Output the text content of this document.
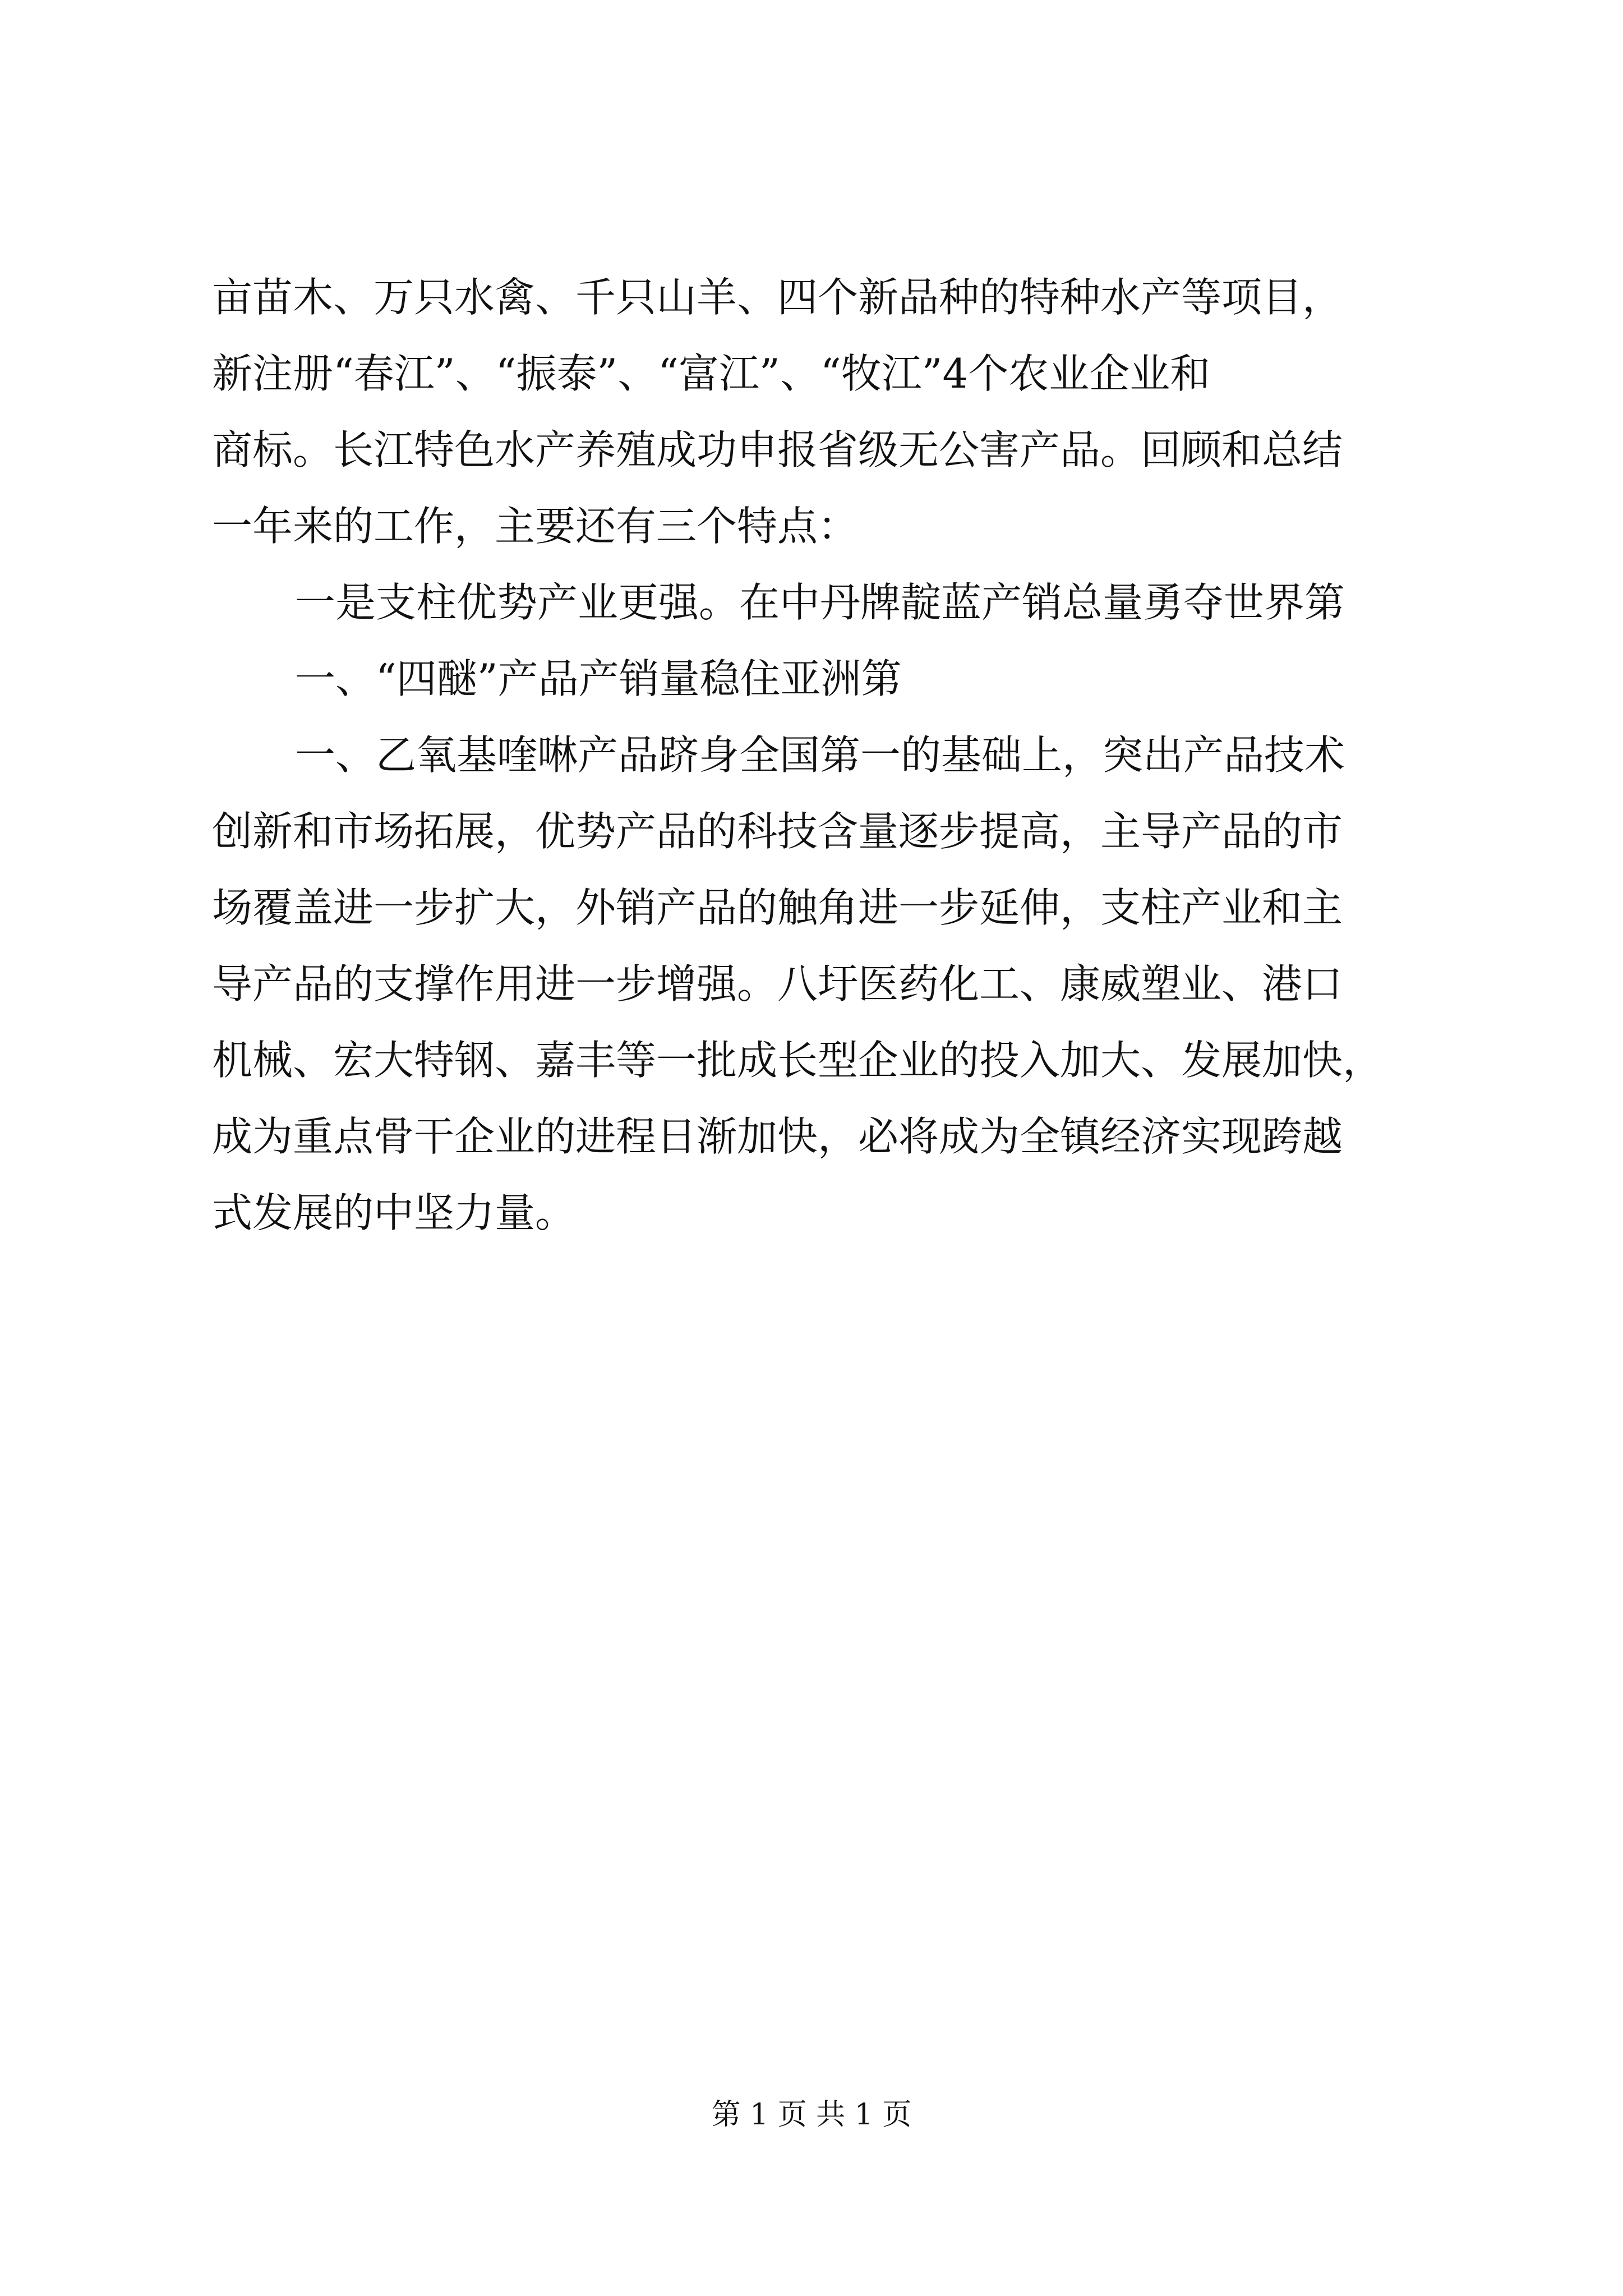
亩苗木、万只水禽、千只山羊、四个新品种的特种水产等项目，
新注册“春江”、“振泰”、“富江”、“牧江”4个农业企业和
商标。长江特色水产养殖成功申报省级无公害产品。回顾和总结
一年来的工作，主要还有三个特点：
一是支柱优势产业更强。在中丹牌靛蓝产销总量勇夺世界第
一、“四醚”产品产销量稳住亚洲第
一、乙氧基喹啉产品跻身全国第一的基础上，突出产品技术
创新和市场拓展，优势产品的科技含量逐步提高，主导产品的市
场覆盖进一步扩大，外销产品的触角进一步延伸，支柱产业和主
导产品的支撑作用进一步增强。八圩医药化工、康威塑业、港口
机械、宏大特钢、嘉丰等一批成长型企业的投入加大、发展加快，
成为重点骨干企业的进程日渐加快，必将成为全镇经济实现跨越
式发展的中坚力量。
第 1 页 共 1 页
